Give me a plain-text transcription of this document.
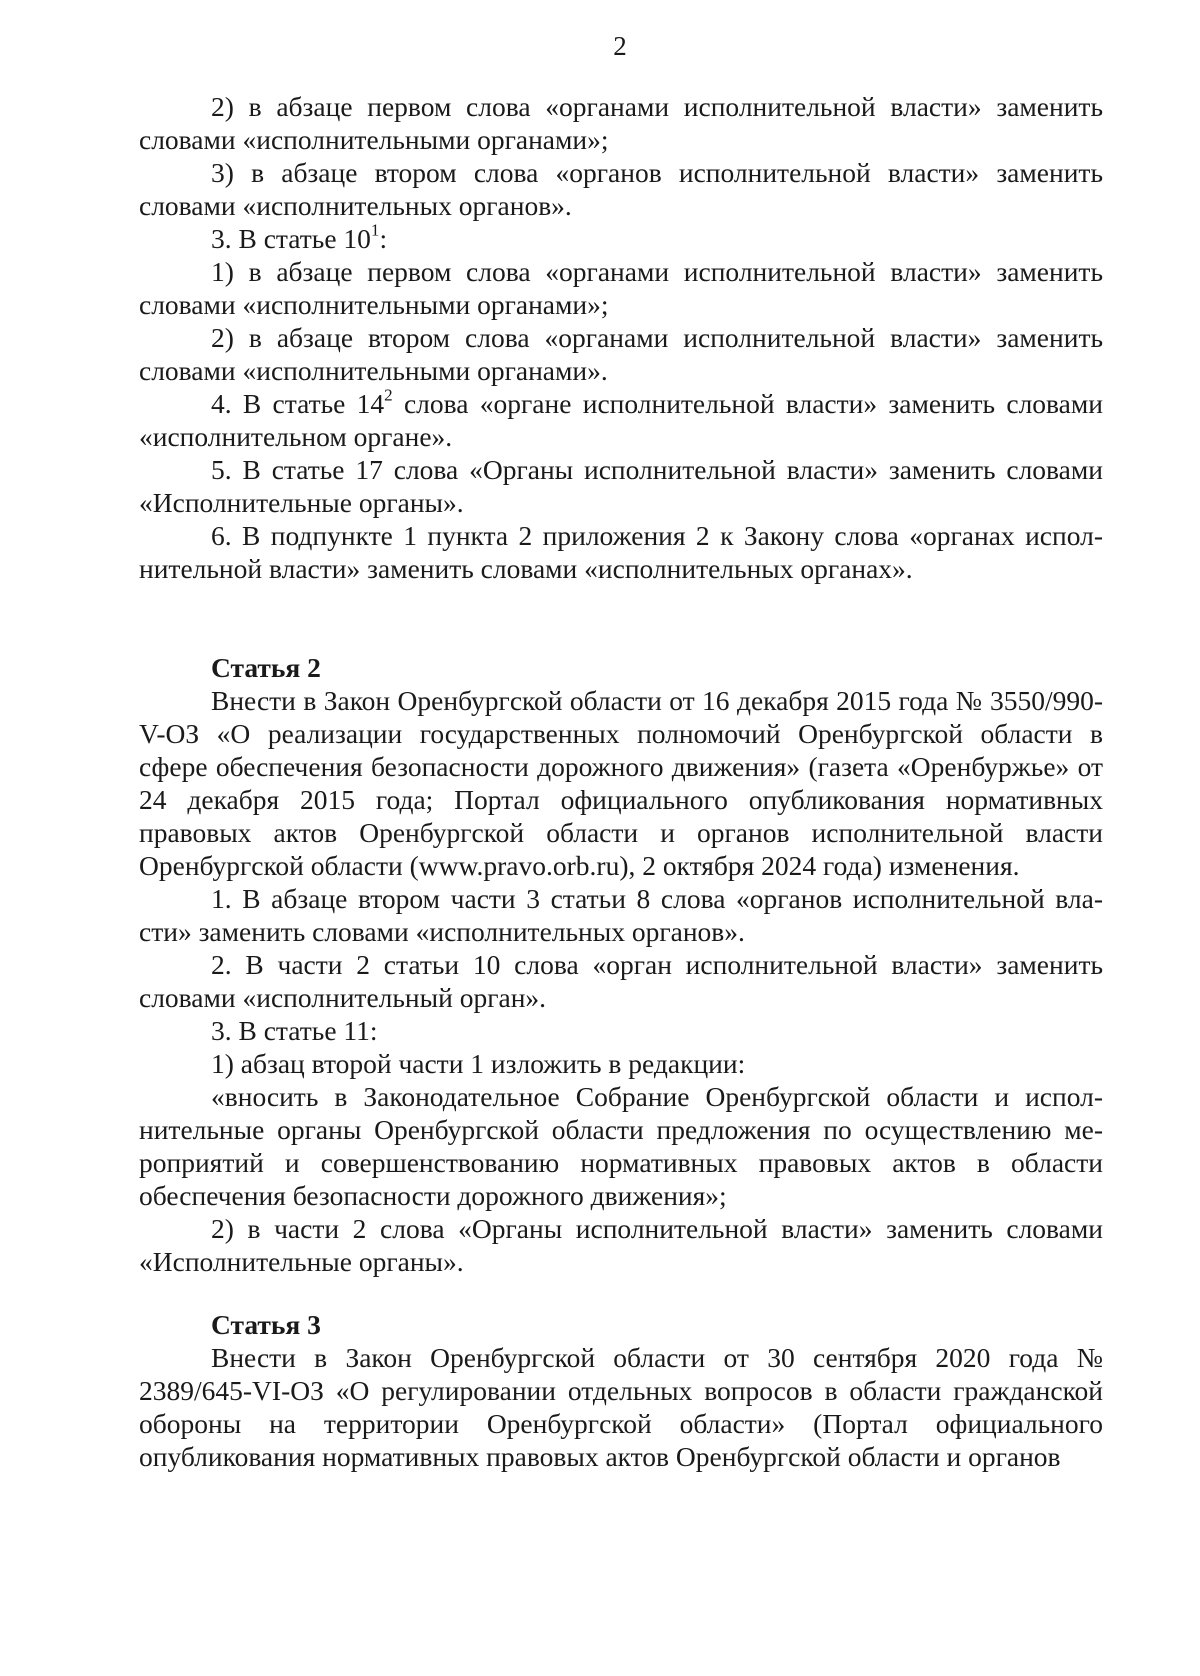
2

2) в абзаце первом слова «органами исполнительной власти» заменить словами «исполнительными органами»;

3) в абзаце втором слова «органов исполнительной власти» заменить словами «исполнительных органов».

3. В статье $10^1$:

1) в абзаце первом слова «органами исполнительной власти» заменить словами «исполнительными органами»;

2) в абзаце втором слова «органами исполнительной власти» заменить словами «исполнительными органами».

4. В статье $14^2$ слова «органе исполнительной власти» заменить словами «исполнительном органе».

5. В статье 17 слова «Органы исполнительной власти» заменить словами «Исполнительные органы».

6. В подпункте 1 пункта 2 приложения 2 к Закону слова «органах исполнительной власти» заменить словами «исполнительных органах».

Статья 2

Внести в Закон Оренбургской области от 16 декабря 2015 года № 3550/990-V-ОЗ «О реализации государственных полномочий Оренбургской области в сфере обеспечения безопасности дорожного движения» (газета «Оренбуржье» от 24 декабря 2015 года; Портал официального опубликования нормативных правовых актов Оренбургской области и органов исполнительной власти Оренбургской области (www.pravo.orb.ru), 2 октября 2024 года) изменения.

1. В абзаце втором части 3 статьи 8 слова «органов исполнительной власти» заменить словами «исполнительных органов».

2. В части 2 статьи 10 слова «орган исполнительной власти» заменить словами «исполнительный орган».

3. В статье 11:

1) абзац второй части 1 изложить в редакции:

«вносить в Законодательное Собрание Оренбургской области и исполнительные органы Оренбургской области предложения по осуществлению мероприятий и совершенствованию нормативных правовых актов в области обеспечения безопасности дорожного движения»;

2) в части 2 слова «Органы исполнительной власти» заменить словами «Исполнительные органы».

Статья 3

Внести в Закон Оренбургской области от 30 сентября 2020 года № 2389/645-VI-ОЗ «О регулировании отдельных вопросов в области гражданской обороны на территории Оренбургской области» (Портал официального опубликования нормативных правовых актов Оренбургской области и органов
